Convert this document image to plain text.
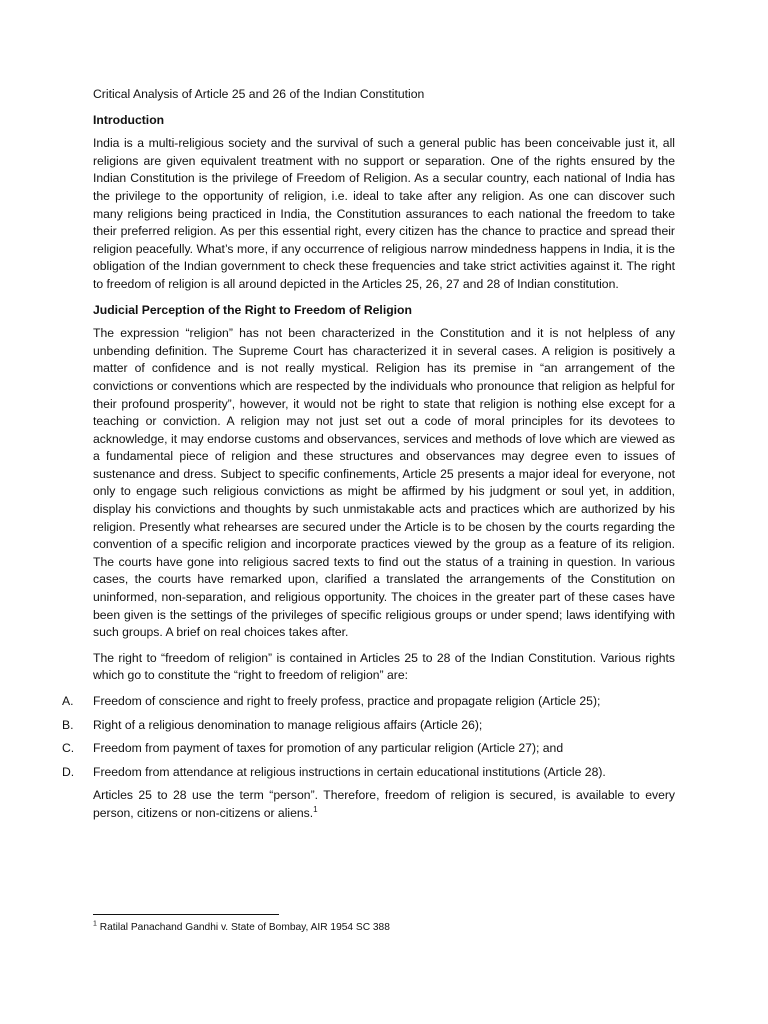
Critical Analysis of Article 25 and 26 of the Indian Constitution
Introduction

India is a multi-religious society and the survival of such a general public has been conceivable just it, all religions are given equivalent treatment with no support or separation. One of the rights ensured by the Indian Constitution is the privilege of Freedom of Religion. As a secular country, each national of India has the privilege to the opportunity of religion, i.e. ideal to take after any religion. As one can discover such many religions being practiced in India, the Constitution assurances to each national the freedom to take their preferred religion. As per this essential right, every citizen has the chance to practice and spread their religion peacefully. What’s more, if any occurrence of religious narrow mindedness happens in India, it is the obligation of the Indian government to check these frequencies and take strict activities against it. The right to freedom of religion is all around depicted in the Articles 25, 26, 27 and 28 of Indian constitution.

Judicial Perception of the Right to Freedom of Religion

The expression “religion” has not been characterized in the Constitution and it is not helpless of any unbending definition. The Supreme Court has characterized it in several cases. A religion is positively a matter of confidence and is not really mystical. Religion has its premise in “an arrangement of the convictions or conventions which are respected by the individuals who pronounce that religion as helpful for their profound prosperity”, however, it would not be right to state that religion is nothing else except for a teaching or conviction. A religion may not just set out a code of moral principles for its devotees to acknowledge, it may endorse customs and observances, services and methods of love which are viewed as a fundamental piece of religion and these structures and observances may degree even to issues of sustenance and dress. Subject to specific confinements, Article 25 presents a major ideal for everyone, not only to engage such religious convictions as might be affirmed by his judgment or soul yet, in addition, display his convictions and thoughts by such unmistakable acts and practices which are authorized by his religion. Presently what rehearses are secured under the Article is to be chosen by the courts regarding the convention of a specific religion and incorporate practices viewed by the group as a feature of its religion. The courts have gone into religious sacred texts to find out the status of a training in question. In various cases, the courts have remarked upon, clarified a translated the arrangements of the Constitution on uninformed, non-separation, and religious opportunity. The choices in the greater part of these cases have been given is the settings of the privileges of specific religious groups or under spend; laws identifying with such groups. A brief on real choices takes after.

The right to “freedom of religion” is contained in Articles 25 to 28 of the Indian Constitution. Various rights which go to constitute the “right to freedom of religion” are:

A.	Freedom of conscience and right to freely profess, practice and propagate religion (Article 25);
B.	Right of a religious denomination to manage religious affairs (Article 26);
C.	Freedom from payment of taxes for promotion of any particular religion (Article 27); and
D.	Freedom from attendance at religious instructions in certain educational institutions (Article 28).

Articles 25 to 28 use the term “person”. Therefore, freedom of religion is secured, is available to every person, citizens or non-citizens or aliens.$^1$

$^1$ Ratilal Panachand Gandhi v. State of Bombay, AIR 1954 SC 388
